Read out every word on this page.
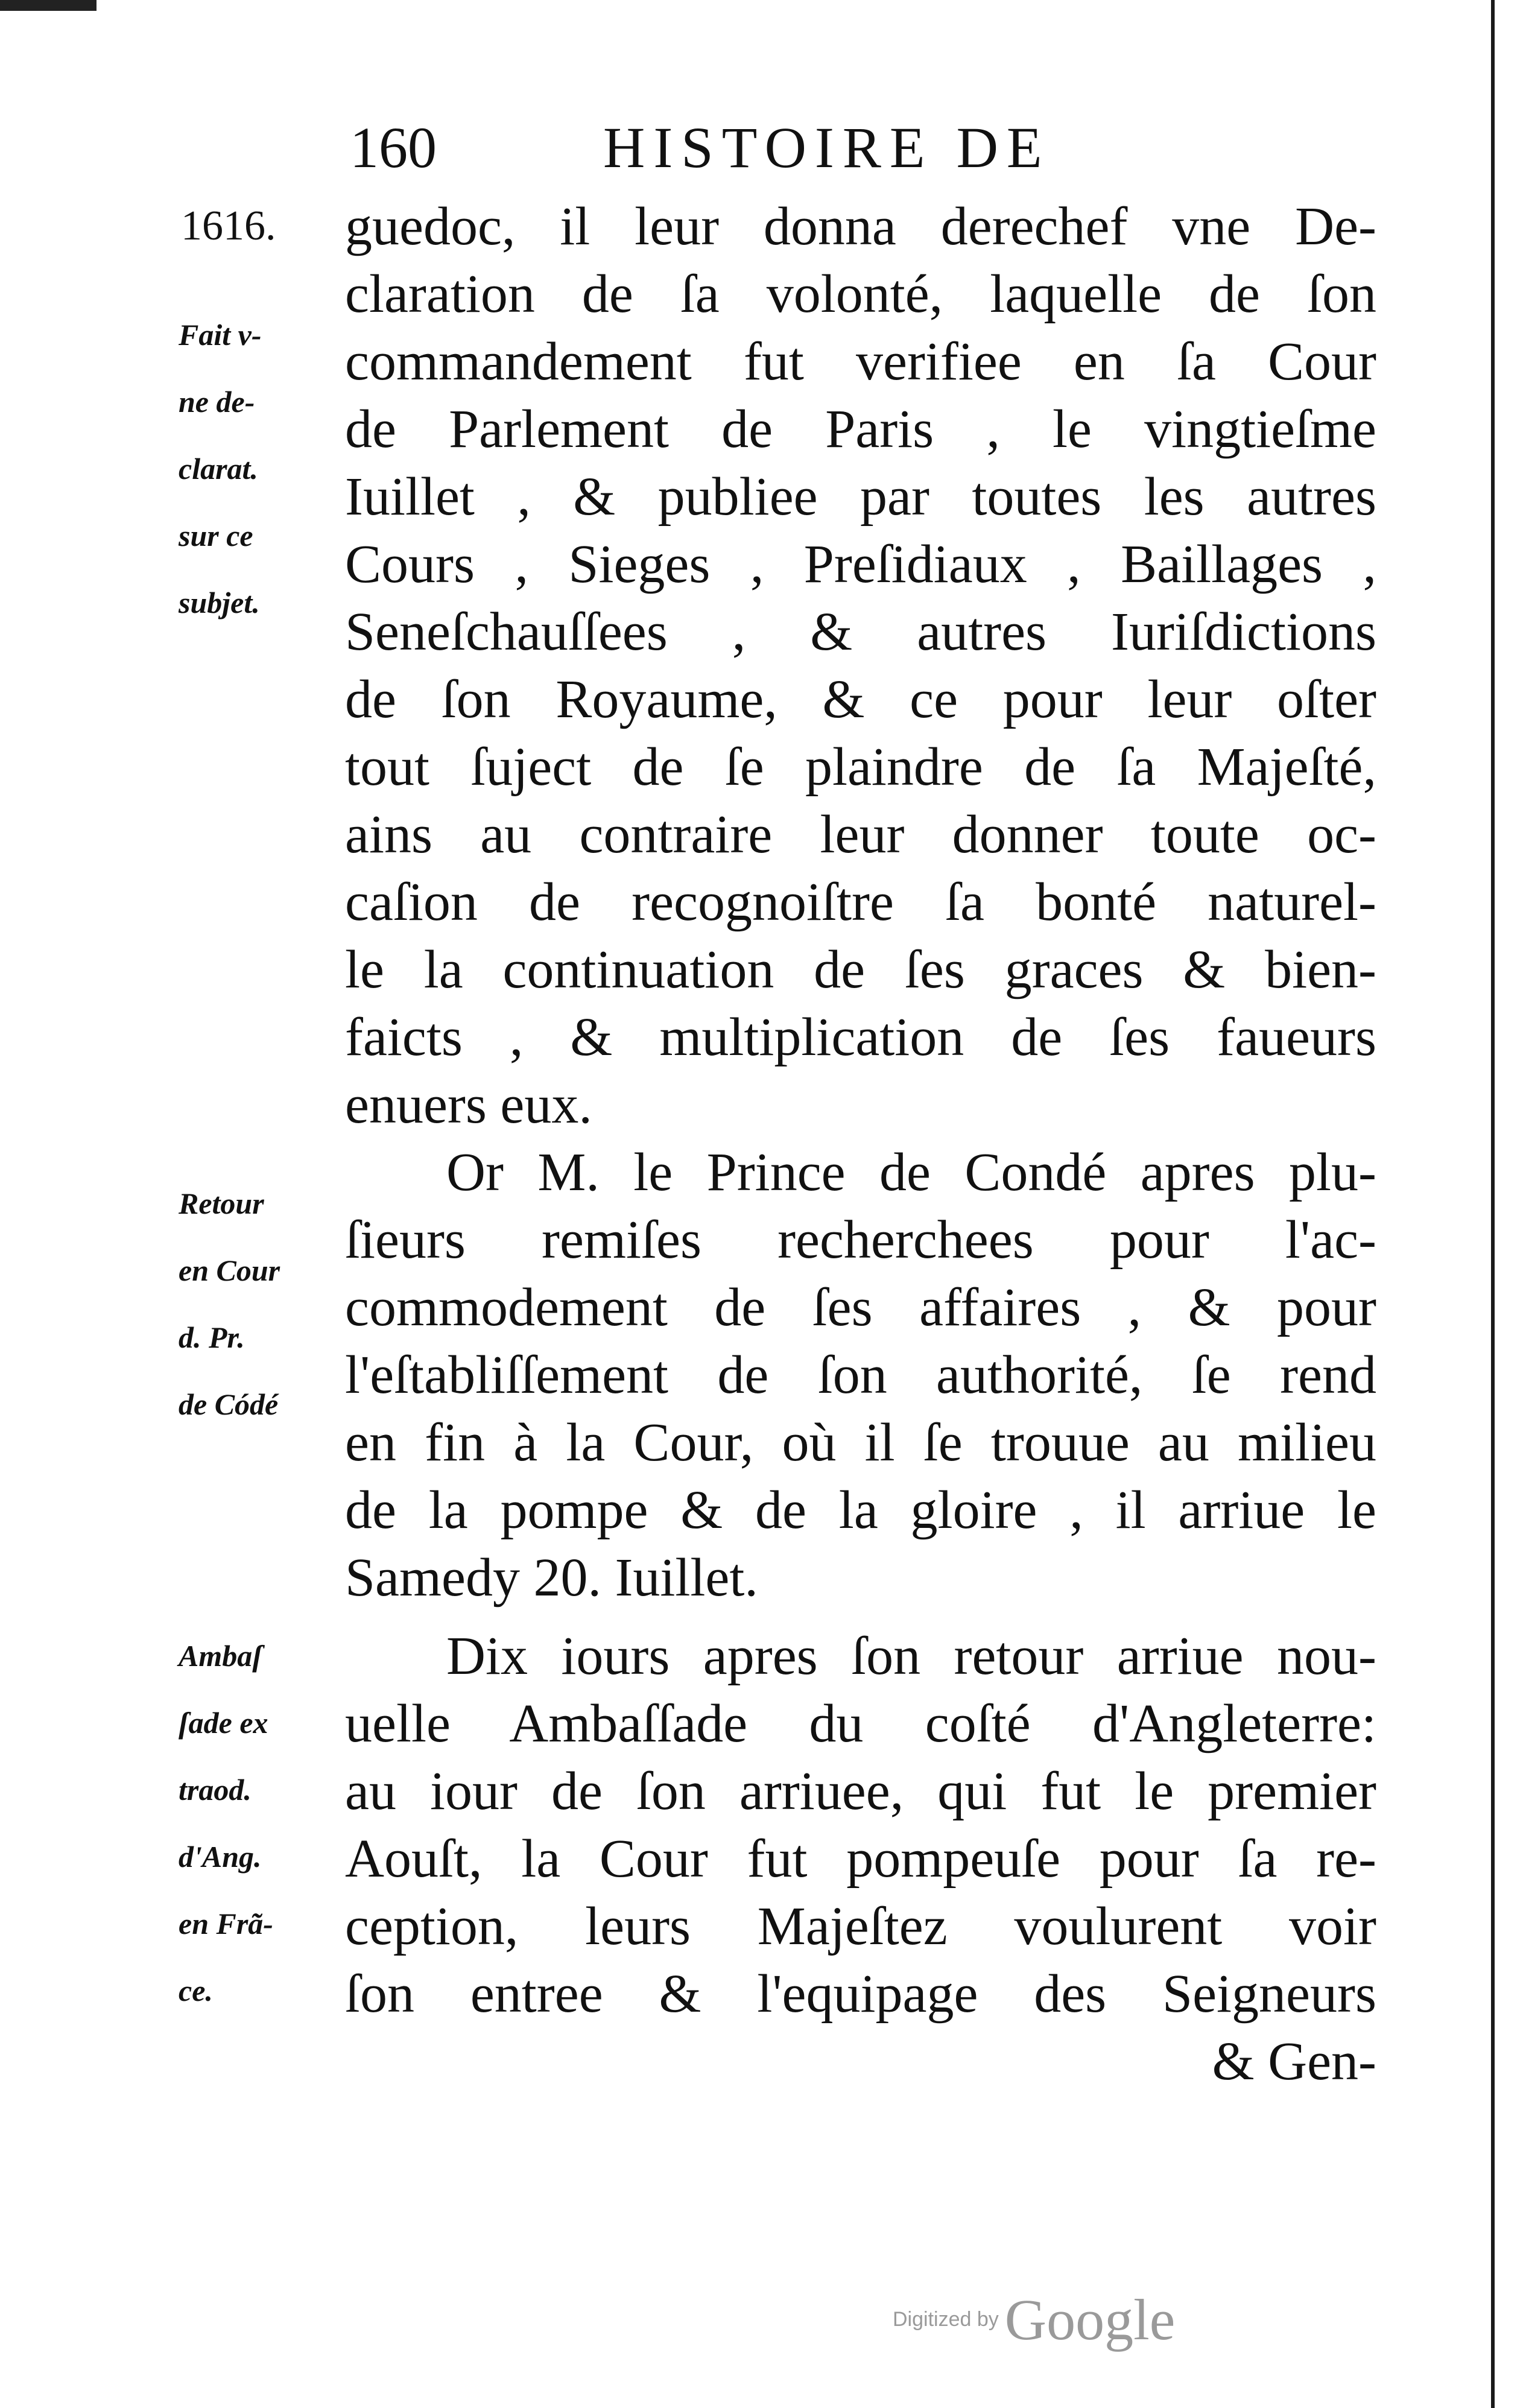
160	HISTOIRE DE
1616.
Fait v-
ne de-
clarat.
sur ce
subjet.
Retour
en Cour
d. Pr.
de Códé
Ambaſ
ſade ex
traod.
d'Ang.
en Frã-
ce.
guedoc, il leur donna derechef vne De-
claration de ſa volonté, laquelle de ſon
commandement fut verifiee en ſa Cour
de Parlement de Paris , le vingtieſme
Iuillet , & publiee par toutes les autres
Cours , Sieges , Preſidiaux , Baillages ,
Seneſchauſſees , & autres Iuriſdictions
de ſon Royaume, & ce pour leur oſter
tout ſuject de ſe plaindre de ſa Majeſté,
ains au contraire leur donner toute oc-
caſion de recognoiſtre ſa bonté naturel-
le la continuation de ſes graces & bien-
faicts , & multiplication de ſes faueurs
enuers eux.
Or M. le Prince de Condé apres plu-
ſieurs remiſes recherchees pour l'ac-
commodement de ſes affaires , & pour
l'eſtabliſſement de ſon authorité, ſe rend
en fin à la Cour, où il ſe trouue au milieu
de la pompe & de la gloire , il arriue le
Samedy 20. Iuillet.
Dix iours apres ſon retour arriue nou-
uelle Ambaſſade du coſté d'Angleterre:
au iour de ſon arriuee, qui fut le premier
Aouſt, la Cour fut pompeuſe pour ſa re-
ception, leurs Majeſtez voulurent voir
ſon entree & l'equipage des Seigneurs
& Gen-
Digitized by Google
